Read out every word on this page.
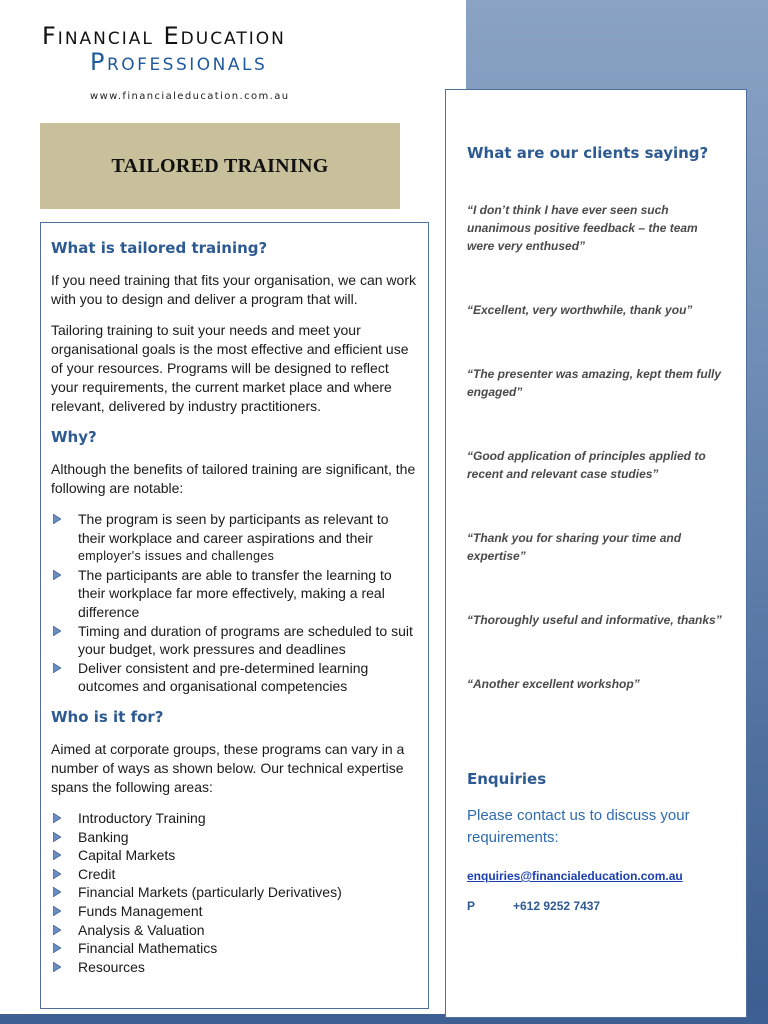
Financial Education
Professionals
www.financialeducation.com.au
TAILORED TRAINING
What is tailored training?

If you need training that fits your organisation, we can work with you to design and deliver a program that will.

Tailoring training to suit your needs and meet your organisational goals is the most effective and efficient use of your resources. Programs will be designed to reflect your requirements, the current market place and where relevant, delivered by industry practitioners.

Why?

Although the benefits of tailored training are significant, the following are notable:

The program is seen by participants as relevant to their workplace and career aspirations and their
employer's issues and challenges
The participants are able to transfer the learning to their workplace far more effectively, making a real difference
Timing and duration of programs are scheduled to suit your budget, work pressures and deadlines
Deliver consistent and pre-determined learning outcomes and organisational competencies
Who is it for?

Aimed at corporate groups, these programs can vary in a number of ways as shown below. Our technical expertise spans the following areas:

Introductory Training
Banking
Capital Markets
Credit
Financial Markets (particularly Derivatives)
Funds Management
Analysis & Valuation
Financial Mathematics
Resources
What are our clients saying?

“I don’t think I have ever seen such unanimous positive feedback – the team were very enthused”

“Excellent, very worthwhile, thank you”

“The presenter was amazing, kept them fully engaged”

“Good application of principles applied to recent and relevant case studies”

“Thank you for sharing your time and expertise”

“Thoroughly useful and informative, thanks”

“Another excellent workshop”

Enquiries

Please contact us to discuss your requirements:

enquiries@financialeducation.com.au
P	+612 9252 7437
